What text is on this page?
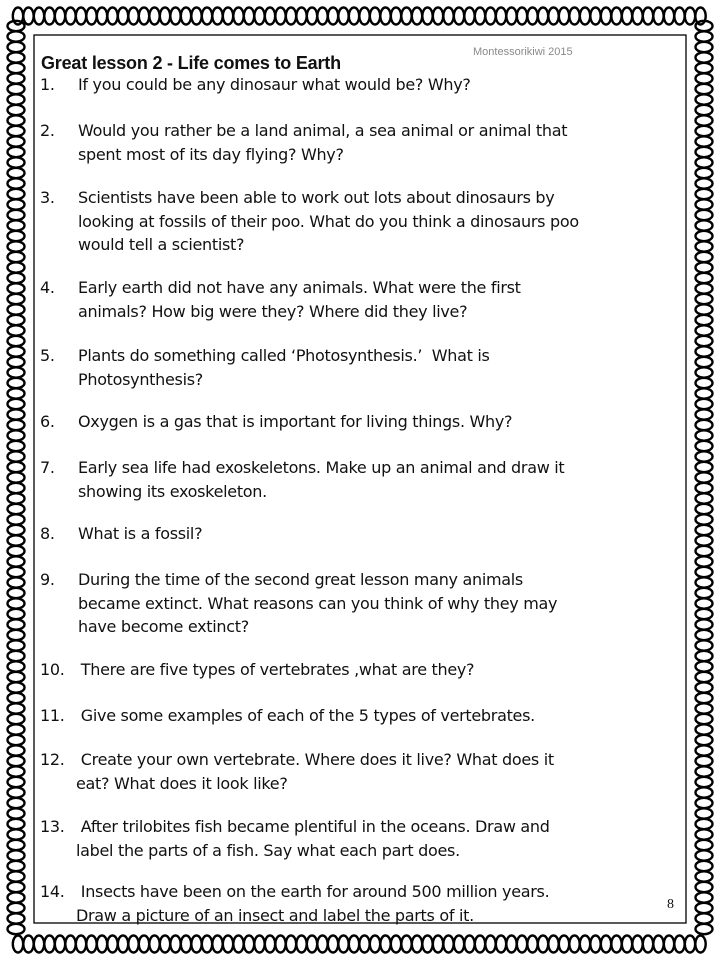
Great lesson 2 - Life comes to Earth
Montessorikiwi 2015
1. If you could be any dinosaur what would be? Why?
2. Would you rather be a land animal, a sea animal or animal that
spent most of its day flying? Why?
3. Scientists have been able to work out lots about dinosaurs by
looking at fossils of their poo. What do you think a dinosaurs poo
would tell a scientist?
4. Early earth did not have any animals. What were the first
animals? How big were they? Where did they live?
5. Plants do something called ‘Photosynthesis.’  What is
Photosynthesis?
6. Oxygen is a gas that is important for living things. Why?
7. Early sea life had exoskeletons. Make up an animal and draw it
showing its exoskeleton.
8. What is a fossil?
9. During the time of the second great lesson many animals
became extinct. What reasons can you think of why they may
have become extinct?
10. There are five types of vertebrates ,what are they?
11. Give some examples of each of the 5 types of vertebrates.
12. Create your own vertebrate. Where does it live? What does it
eat? What does it look like?
13. After trilobites fish became plentiful in the oceans. Draw and
label the parts of a fish. Say what each part does.
14. Insects have been on the earth for around 500 million years.
Draw a picture of an insect and label the parts of it.
8
